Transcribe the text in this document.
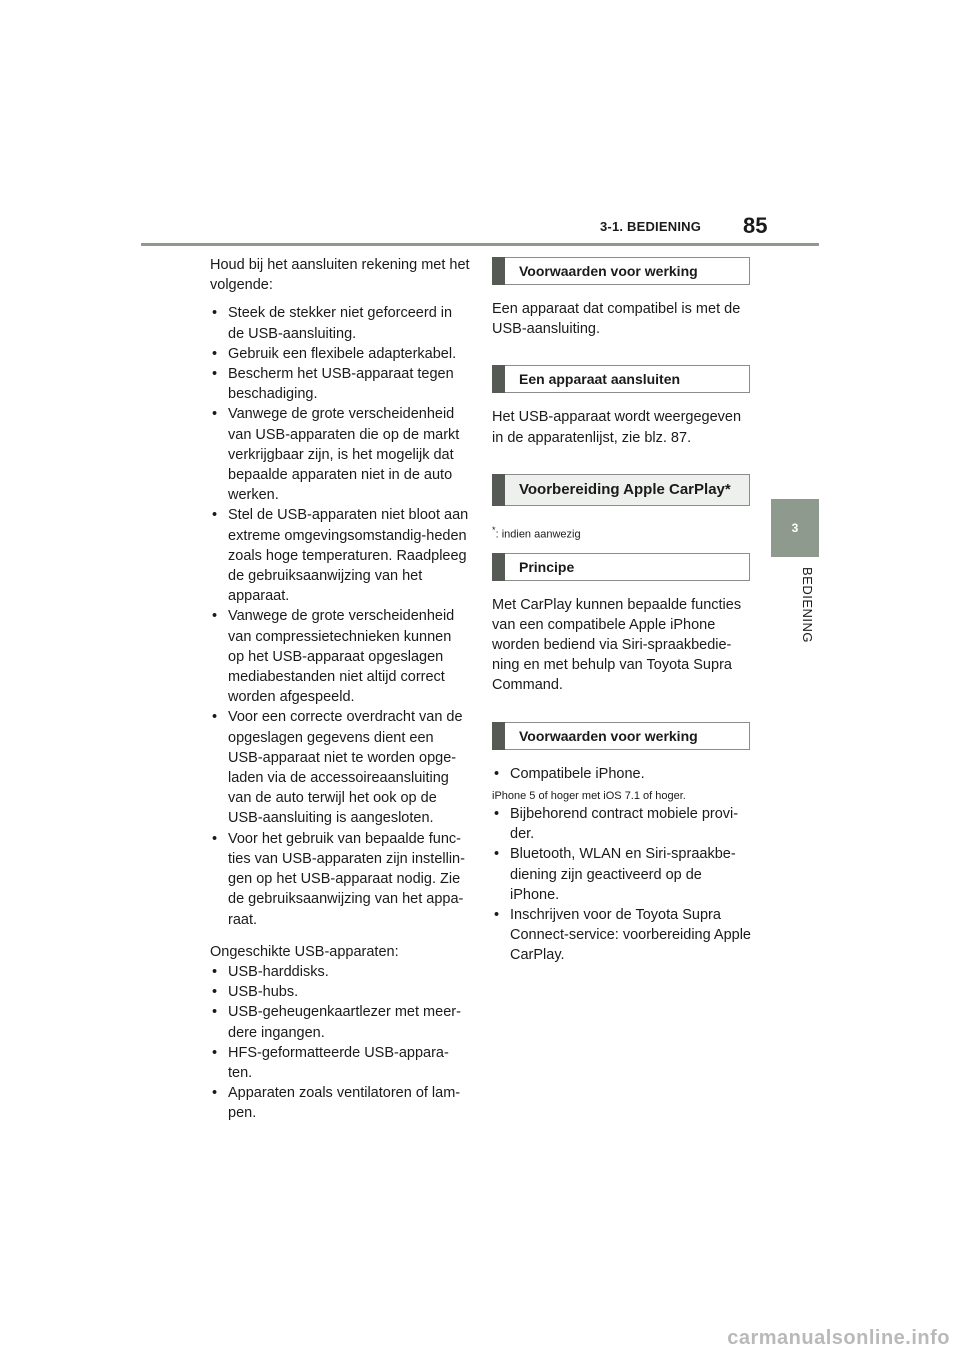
3-1. BEDIENING 85
3
BEDIENING

Houd bij het aansluiten rekening met het volgende:

• Steek de stekker niet geforceerd in de USB-aansluiting.
• Gebruik een flexibele adapterkabel.
• Bescherm het USB-apparaat tegen beschadiging.
• Vanwege de grote verscheidenheid van USB-apparaten die op de markt verkrijgbaar zijn, is het mogelijk dat bepaalde apparaten niet in de auto werken.
• Stel de USB-apparaten niet bloot aan extreme omgevingsomstandig-heden zoals hoge temperaturen. Raadpleeg de gebruiksaanwijzing van het apparaat.
• Vanwege de grote verscheidenheid van compressietechnieken kunnen op het USB-apparaat opgeslagen mediabestanden niet altijd correct worden afgespeeld.
• Voor een correcte overdracht van de opgeslagen gegevens dient een USB-apparaat niet te worden opge-laden via de accessoireaansluiting van de auto terwijl het ook op de USB-aansluiting is aangesloten.
• Voor het gebruik van bepaalde func-ties van USB-apparaten zijn instellin-gen op het USB-apparaat nodig. Zie de gebruiksaanwijzing van het appa-raat.

Ongeschikte USB-apparaten:

• USB-harddisks.
• USB-hubs.
• USB-geheugenkaartlezer met meer-dere ingangen.
• HFS-geformatteerde USB-appara-ten.
• Apparaten zoals ventilatoren of lam-pen.
Voorwaarden voor werking

Een apparaat dat compatibel is met de USB-aansluiting.

Een apparaat aansluiten

Het USB-apparaat wordt weergegeven in de apparatenlijst, zie blz. 87.

Voorbereiding Apple CarPlay*

*: indien aanwezig

Principe

Met CarPlay kunnen bepaalde functies van een compatibele Apple iPhone worden bediend via Siri-spraakbedie-ning en met behulp van Toyota Supra Command.

Voorwaarden voor werking
• Compatibele iPhone.

iPhone 5 of hoger met iOS 7.1 of hoger.

• Bijbehorend contract mobiele provi-der.
• Bluetooth, WLAN en Siri-spraakbe-diening zijn geactiveerd op de iPhone.
• Inschrijven voor de Toyota Supra Connect-service: voorbereiding Apple CarPlay.
carmanualsonline.info
